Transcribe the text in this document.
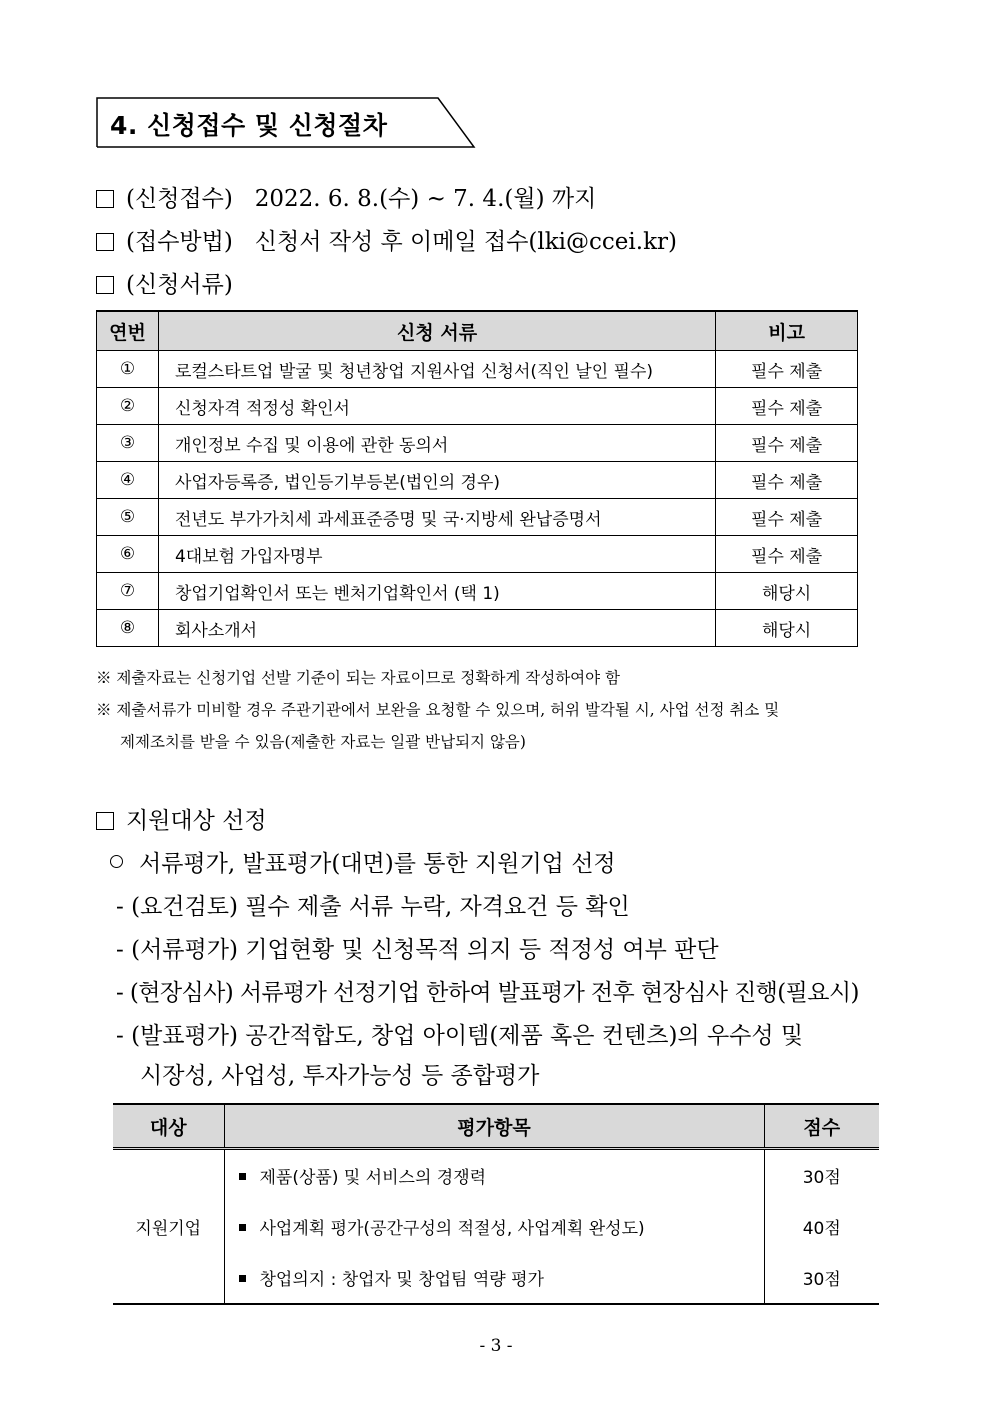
4. 신청접수 및 신청절차
(신청접수) 2022. 6. 8.(수) ~ 7. 4.(월) 까지
(접수방법) 신청서 작성 후 이메일 접수(lki@ccei.kr)
(신청서류)
연번	신청 서류	비고
①	로컬스타트업 발굴 및 청년창업 지원사업 신청서(직인 날인 필수)	필수 제출
②	신청자격 적정성 확인서	필수 제출
③	개인정보 수집 및 이용에 관한 동의서	필수 제출
④	사업자등록증, 법인등기부등본(법인의 경우)	필수 제출
⑤	전년도 부가가치세 과세표준증명 및 국·지방세 완납증명서	필수 제출
⑥	4대보험 가입자명부	필수 제출
⑦	창업기업확인서 또는 벤처기업확인서 (택 1)	해당시
⑧	회사소개서	해당시
※ 제출자료는 신청기업 선발 기준이 되는 자료이므로 정확하게 작성하여야 함
※ 제출서류가 미비할 경우 주관기관에서 보완을 요청할 수 있으며, 허위 발각될 시, 사업 선정 취소 및
제제조치를 받을 수 있음(제출한 자료는 일괄 반납되지 않음)
지원대상 선정
서류평가, 발표평가(대면)를 통한 지원기업 선정
- (요건검토) 필수 제출 서류 누락, 자격요건 등 확인
- (서류평가) 기업현황 및 신청목적 의지 등 적정성 여부 판단
- (현장심사) 서류평가 선정기업 한하여 발표평가 전후 현장심사 진행(필요시)
- (발표평가) 공간적합도, 창업 아이템(제품 혹은 컨텐츠)의 우수성 및
시장성, 사업성, 투자가능성 등 종합평가
대상	평가항목	점수
지원기업	제품(상품) 및 서비스의 경쟁력	30점
	사업계획 평가(공간구성의 적절성, 사업계획 완성도)	40점
	창업의지 : 창업자 및 창업팀 역량 평가	30점
- 3 -
